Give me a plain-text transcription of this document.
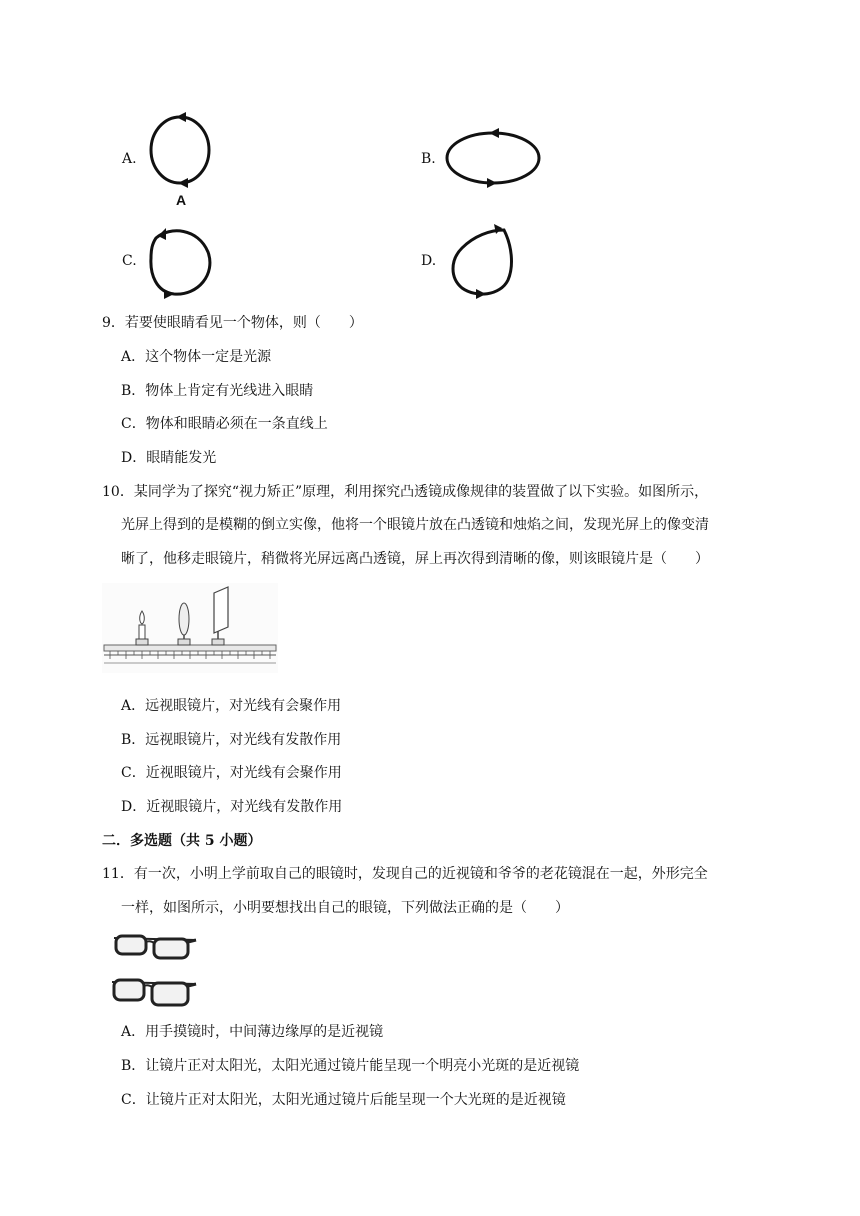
A.
A
B.
C.	D.
9．若要使眼睛看见一个物体，则（　　）
A．这个物体一定是光源
B．物体上肯定有光线进入眼睛
C．物体和眼睛必须在一条直线上
D．眼睛能发光
10．某同学为了探究“视力矫正”原理，利用探究凸透镜成像规律的装置做了以下实验。如图所示，
光屏上得到的是模糊的倒立实像，他将一个眼镜片放在凸透镜和烛焰之间，发现光屏上的像变清
晰了，他移走眼镜片，稍微将光屏远离凸透镜，屏上再次得到清晰的像，则该眼镜片是（　　）
A．远视眼镜片，对光线有会聚作用
B．远视眼镜片，对光线有发散作用
C．近视眼镜片，对光线有会聚作用
D．近视眼镜片，对光线有发散作用
二．多选题（共 5 小题）
11．有一次，小明上学前取自己的眼镜时，发现自己的近视镜和爷爷的老花镜混在一起，外形完全
一样，如图所示，小明要想找出自己的眼镜，下列做法正确的是（　　）
A．用手摸镜时，中间薄边缘厚的是近视镜
B．让镜片正对太阳光，太阳光通过镜片能呈现一个明亮小光斑的是近视镜
C．让镜片正对太阳光，太阳光通过镜片后能呈现一个大光斑的是近视镜
